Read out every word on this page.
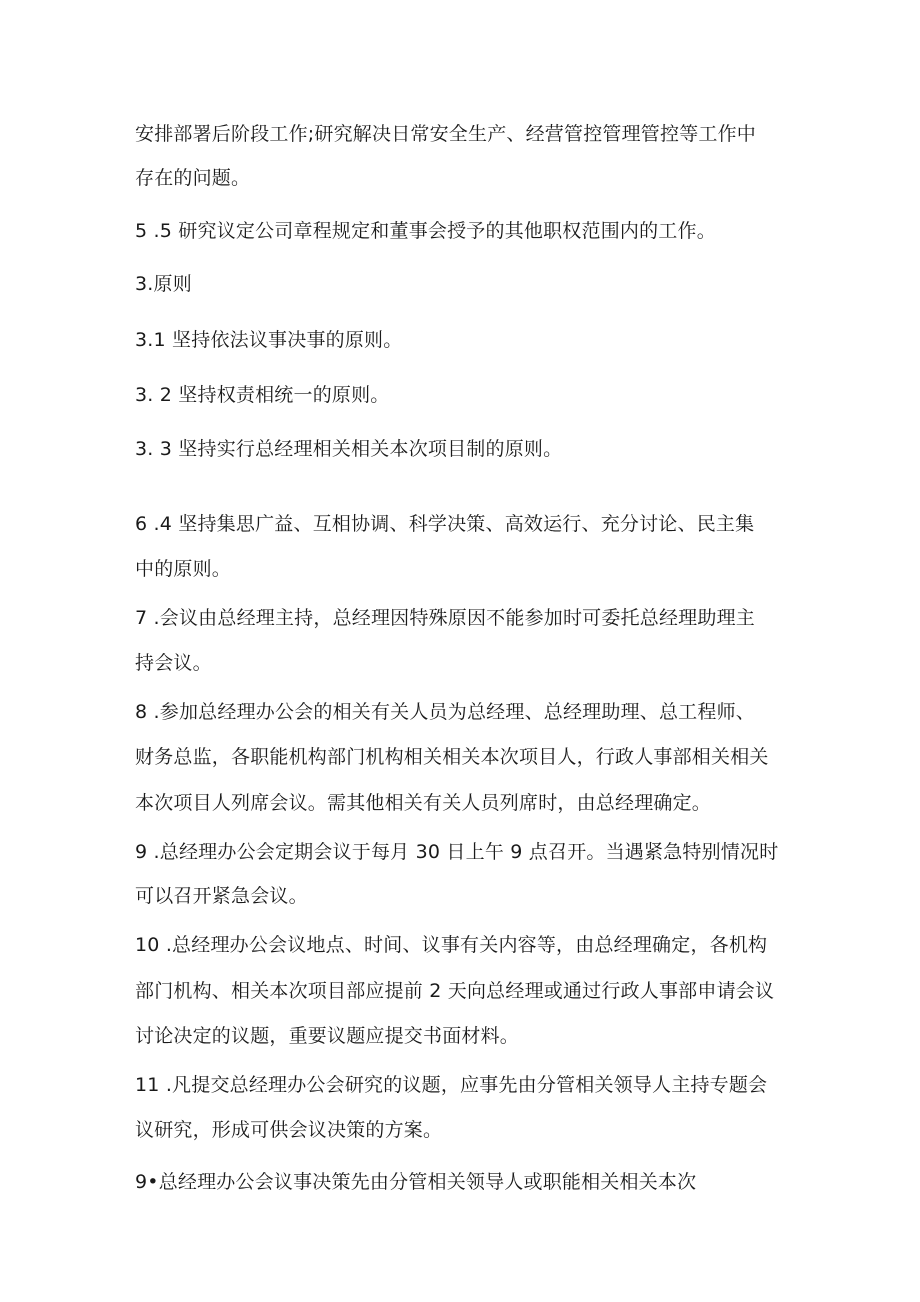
安排部署后阶段工作;研究解决日常安全生产、经营管控管理管控等工作中
存在的问题。
5 .5 研究议定公司章程规定和董事会授予的其他职权范围内的工作。
3.原则
3.1 坚持依法议事决事的原则。
3. 2 坚持权责相统一的原则。
3. 3 坚持实行总经理相关相关本次项目制的原则。
6 .4 坚持集思广益、互相协调、科学决策、高效运行、充分讨论、民主集
中的原则。
7 .会议由总经理主持，总经理因特殊原因不能参加时可委托总经理助理主
持会议。
8 .参加总经理办公会的相关有关人员为总经理、总经理助理、总工程师、
财务总监，各职能机构部门机构相关相关本次项目人，行政人事部相关相关
本次项目人列席会议。需其他相关有关人员列席时，由总经理确定。
9 .总经理办公会定期会议于每月 30 日上午 9 点召开。当遇紧急特别情况时
可以召开紧急会议。
10 .总经理办公会议地点、时间、议事有关内容等，由总经理确定，各机构
部门机构、相关本次项目部应提前 2 天向总经理或通过行政人事部申请会议
讨论决定的议题，重要议题应提交书面材料。
11 .凡提交总经理办公会研究的议题，应事先由分管相关领导人主持专题会
议研究，形成可供会议决策的方案。
9•总经理办公会议事决策先由分管相关领导人或职能相关相关本次
